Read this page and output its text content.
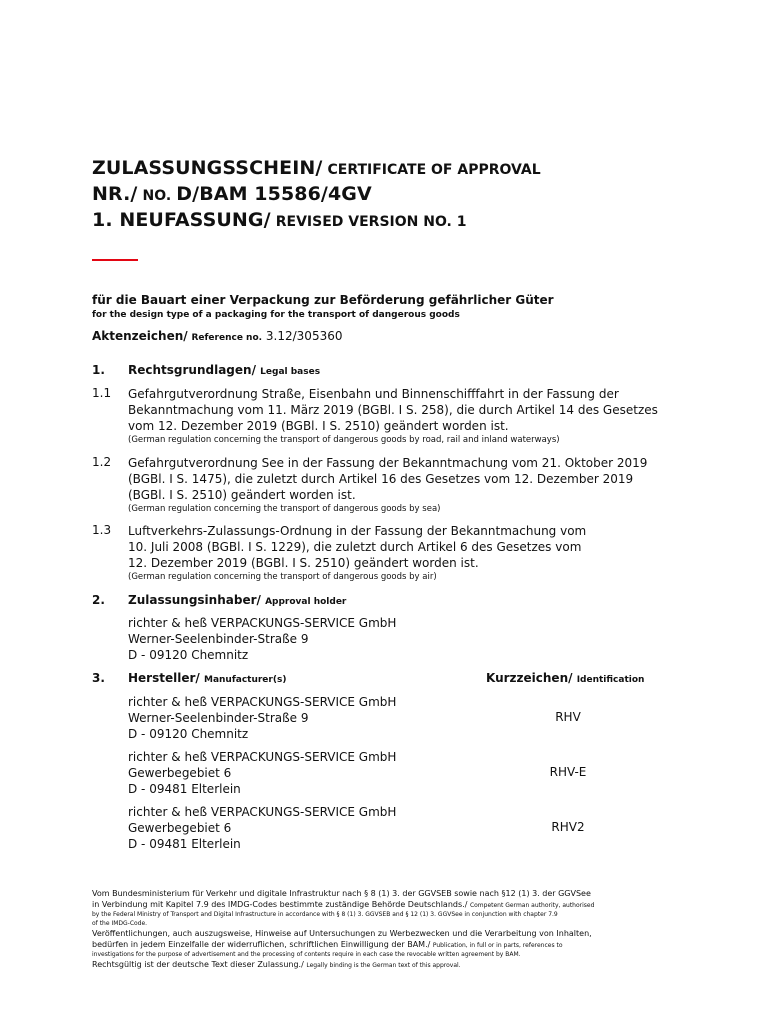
ZULASSUNGSSCHEIN/ CERTIFICATE OF APPROVAL
NR./ NO. D/BAM 15586/4GV
1. NEUFASSUNG/ REVISED VERSION NO. 1
für die Bauart einer Verpackung zur Beförderung gefährlicher Güter
for the design type of a packaging for the transport of dangerous goods
Aktenzeichen/ Reference no. 3.12/305360
1. Rechtsgrundlagen/ Legal bases
1.1 Gefahrgutverordnung Straße, Eisenbahn und Binnenschifffahrt in der Fassung der
Bekanntmachung vom 11. März 2019 (BGBl. I S. 258), die durch Artikel 14 des Gesetzes
vom 12. Dezember 2019 (BGBl. I S. 2510) geändert worden ist.
(German regulation concerning the transport of dangerous goods by road, rail and inland waterways)
1.2 Gefahrgutverordnung See in der Fassung der Bekanntmachung vom 21. Oktober 2019
(BGBl. I S. 1475), die zuletzt durch Artikel 16 des Gesetzes vom 12. Dezember 2019
(BGBl. I S. 2510) geändert worden ist.
(German regulation concerning the transport of dangerous goods by sea)
1.3 Luftverkehrs-Zulassungs-Ordnung in der Fassung der Bekanntmachung vom
10. Juli 2008 (BGBl. I S. 1229), die zuletzt durch Artikel 6 des Gesetzes vom
12. Dezember 2019 (BGBl. I S. 2510) geändert worden ist.
(German regulation concerning the transport of dangerous goods by air)
2. Zulassungsinhaber/ Approval holder
richter & heß VERPACKUNGS-SERVICE GmbH
Werner-Seelenbinder-Straße 9
D - 09120 Chemnitz
3. Hersteller/ Manufacturer(s)	Kurzzeichen/ Identification
richter & heß VERPACKUNGS-SERVICE GmbH
Werner-Seelenbinder-Straße 9
D - 09120 Chemnitz
RHV
richter & heß VERPACKUNGS-SERVICE GmbH
Gewerbegebiet 6
D - 09481 Elterlein
RHV-E
richter & heß VERPACKUNGS-SERVICE GmbH
Gewerbegebiet 6
D - 09481 Elterlein
RHV2
Vom Bundesministerium für Verkehr und digitale Infrastruktur nach § 8 (1) 3. der GGVSEB sowie nach §12 (1) 3. der GGVSee
in Verbindung mit Kapitel 7.9 des IMDG-Codes bestimmte zuständige Behörde Deutschlands./ Competent German authority, authorised
by the Federal Ministry of Transport and Digital Infrastructure in accordance with § 8 (1) 3. GGVSEB and § 12 (1) 3. GGVSee in conjunction with chapter 7.9
of the IMDG-Code.
Veröffentlichungen, auch auszugsweise, Hinweise auf Untersuchungen zu Werbezwecken und die Verarbeitung von Inhalten,
bedürfen in jedem Einzelfalle der widerruflichen, schriftlichen Einwilligung der BAM./ Publication, in full or in parts, references to
investigations for the purpose of advertisement and the processing of contents require in each case the revocable written agreement by BAM.
Rechtsgültig ist der deutsche Text dieser Zulassung./ Legally binding is the German text of this approval.
